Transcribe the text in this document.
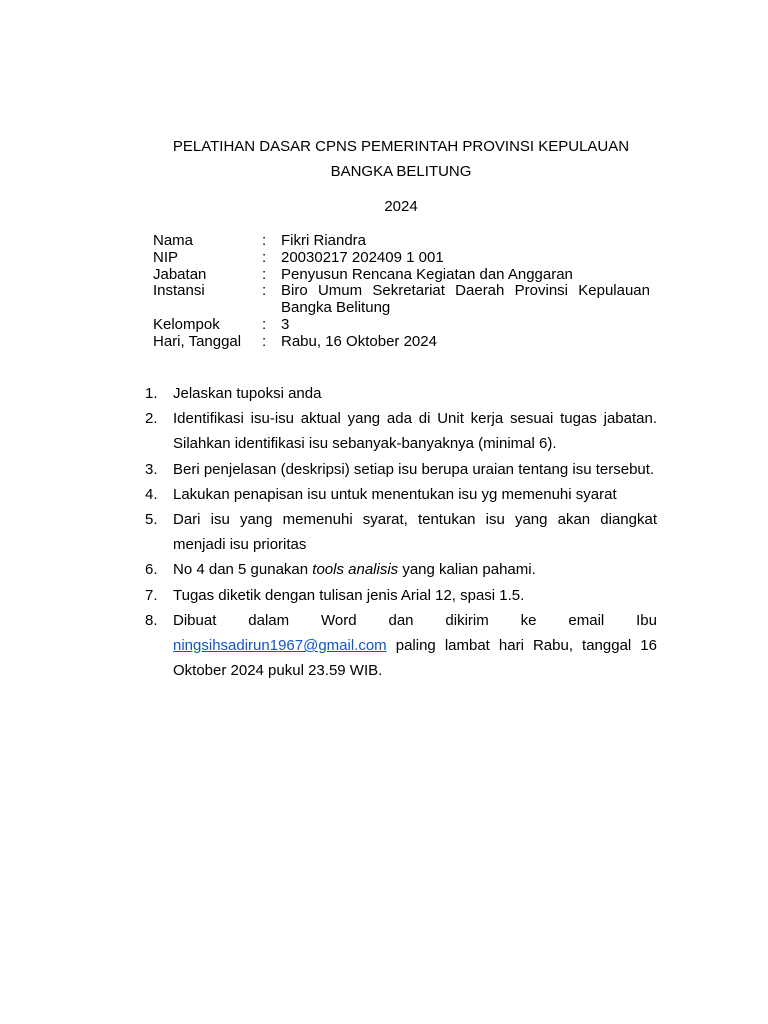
PELATIHAN DASAR CPNS PEMERINTAH PROVINSI KEPULAUAN

BANGKA BELITUNG

2024

Nama	: Fikri Riandra
NIP	: 20030217 202409 1 001
Jabatan	: Penyusun Rencana Kegiatan dan Anggaran
Instansi	: Biro Umum Sekretariat Daerah Provinsi Kepulauan Bangka Belitung
Kelompok	: 3
Hari, Tanggal	: Rabu, 16 Oktober 2024
1.	Jelaskan tupoksi anda
2.	Identifikasi isu-isu aktual yang ada di Unit kerja sesuai tugas jabatan. Silahkan identifikasi isu sebanyak-banyaknya (minimal 6).
3.	Beri penjelasan (deskripsi) setiap isu berupa uraian tentang isu tersebut.
4.	Lakukan penapisan isu untuk menentukan isu yg memenuhi syarat
5.	Dari isu yang memenuhi syarat, tentukan isu yang akan diangkat menjadi isu prioritas
6.	No 4 dan 5 gunakan tools analisis yang kalian pahami.
7.	Tugas diketik dengan tulisan jenis Arial 12, spasi 1.5.
8.	Dibuat dalam Word dan dikirim ke email Ibu ningsihsadirun1967@gmail.com paling lambat hari Rabu, tanggal 16 Oktober 2024 pukul 23.59 WIB.
